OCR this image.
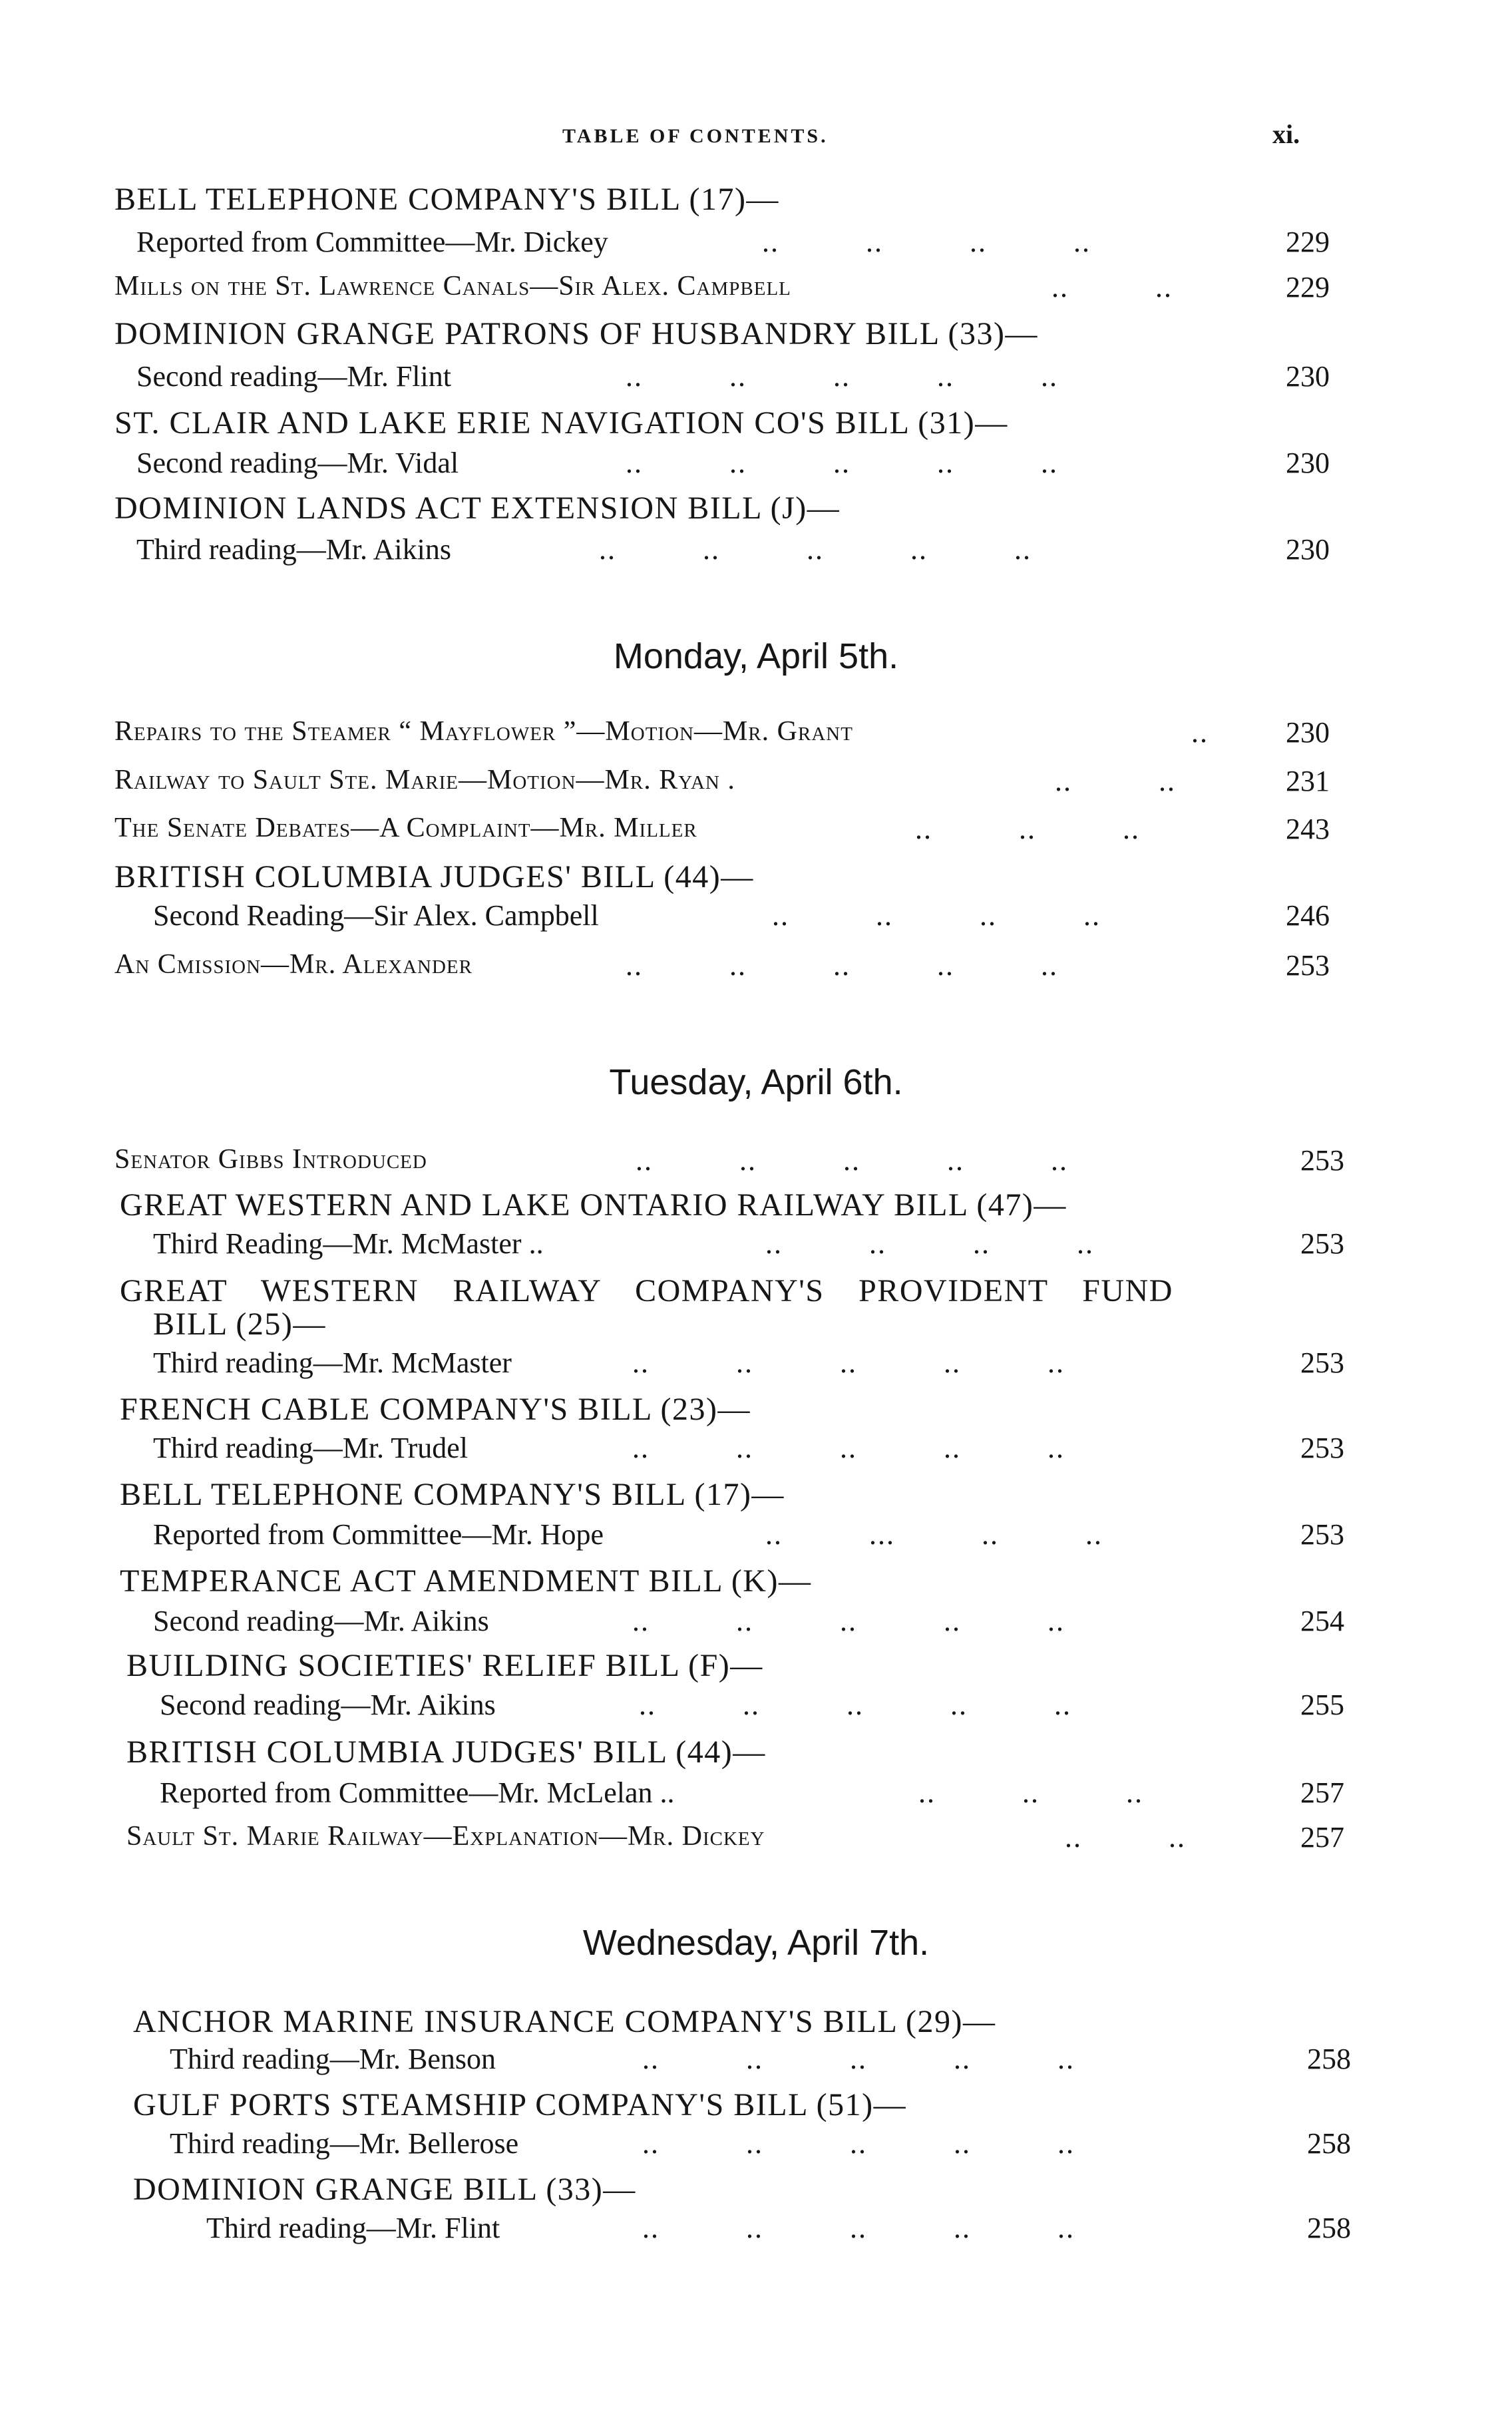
TABLE OF CONTENTS.	xi.
BELL TELEPHONE COMPANY'S BILL (17)—
Reported from Committee—Mr. Dickey	..          ..          ..          ..	229
Mills on the St. Lawrence Canals—Sir Alex. Campbell	..          ..	229
DOMINION GRANGE PATRONS OF HUSBANDRY BILL (33)—
Second reading—Mr. Flint	..          ..          ..          ..          ..	230
ST. CLAIR AND LAKE ERIE NAVIGATION CO'S BILL (31)—
Second reading—Mr. Vidal	..          ..          ..          ..          ..	230
DOMINION LANDS ACT EXTENSION BILL (J)—
Third reading—Mr. Aikins	..          ..          ..          ..          ..	230
Monday, April 5th.
Repairs to the Steamer “ Mayflower ”—Motion—Mr. Grant	..	230
Railway to Sault Ste. Marie—Motion—Mr. Ryan .	..          ..	231
The Senate Debates—A Complaint—Mr. Miller	..          ..          ..	243
BRITISH COLUMBIA JUDGES' BILL (44)—
Second Reading—Sir Alex. Campbell	..          ..          ..          ..	246
An Cmission—Mr. Alexander	..          ..          ..          ..          ..	253
Tuesday, April 6th.
Senator Gibbs Introduced	..          ..          ..          ..          ..	253
GREAT WESTERN AND LAKE ONTARIO RAILWAY BILL (47)—
Third Reading—Mr. McMaster ..	..          ..          ..          ..	253
GREAT WESTERN RAILWAY COMPANY'S PROVIDENT FUND
BILL (25)—
Third reading—Mr. McMaster	..          ..          ..          ..          ..	253
FRENCH CABLE COMPANY'S BILL (23)—
Third reading—Mr. Trudel	..          ..          ..          ..          ..	253
BELL TELEPHONE COMPANY'S BILL (17)—
Reported from Committee—Mr. Hope	..          ...          ..          ..	253
TEMPERANCE ACT AMENDMENT BILL (K)—
Second reading—Mr. Aikins	..          ..          ..          ..          ..	254
BUILDING SOCIETIES' RELIEF BILL (F)—
Second reading—Mr. Aikins	..          ..          ..          ..          ..	255
BRITISH COLUMBIA JUDGES' BILL (44)—
Reported from Committee—Mr. McLelan ..	..          ..          ..	257
Sault St. Marie Railway—Explanation—Mr. Dickey	..          ..	257
Wednesday, April 7th.
ANCHOR MARINE INSURANCE COMPANY'S BILL (29)—
Third reading—Mr. Benson	..          ..          ..          ..          ..	258
GULF PORTS STEAMSHIP COMPANY'S BILL (51)—
Third reading—Mr. Bellerose	..          ..          ..          ..          ..	258
DOMINION GRANGE BILL (33)—
Third reading—Mr. Flint	..          ..          ..          ..          ..	258
